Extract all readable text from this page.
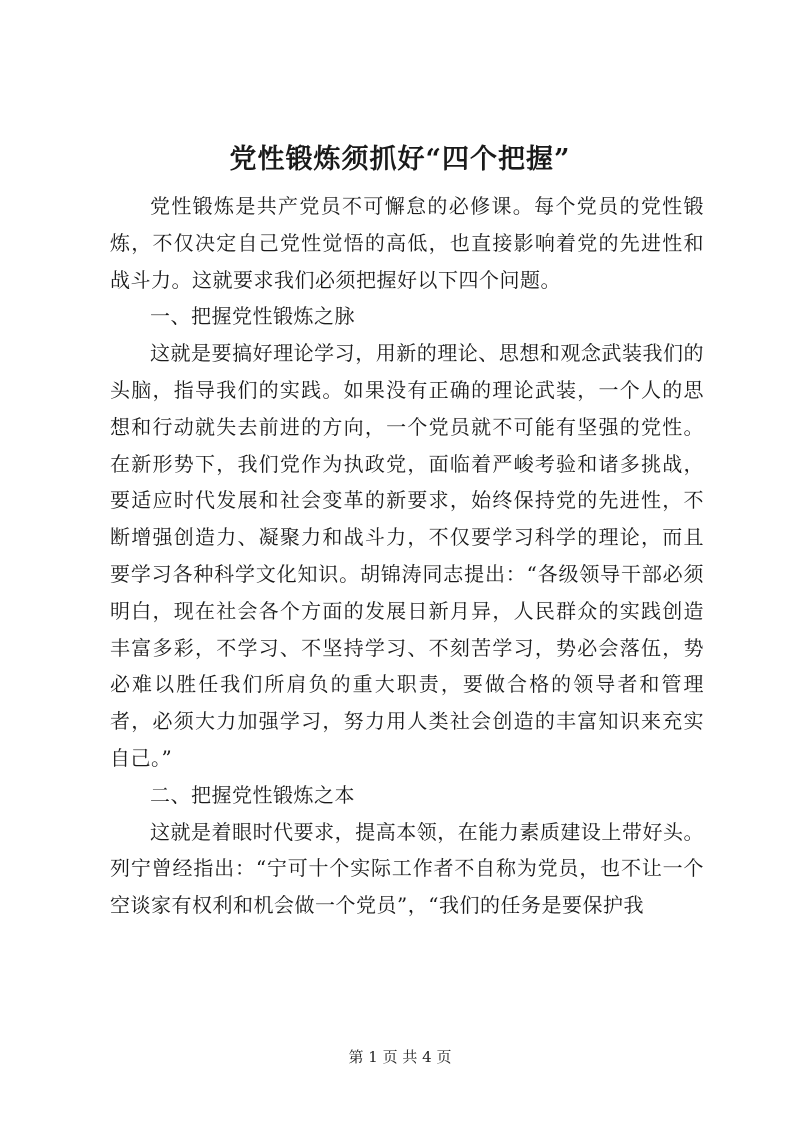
党性锻炼须抓好“四个把握”

党性锻炼是共产党员不可懈怠的必修课。每个党员的党性锻炼，不仅决定自己党性觉悟的高低，也直接影响着党的先进性和战斗力。这就要求我们必须把握好以下四个问题。

一、把握党性锻炼之脉

这就是要搞好理论学习，用新的理论、思想和观念武装我们的头脑，指导我们的实践。如果没有正确的理论武装，一个人的思想和行动就失去前进的方向，一个党员就不可能有坚强的党性。在新形势下，我们党作为执政党，面临着严峻考验和诸多挑战，要适应时代发展和社会变革的新要求，始终保持党的先进性，不断增强创造力、凝聚力和战斗力，不仅要学习科学的理论，而且要学习各种科学文化知识。胡锦涛同志提出：“各级领导干部必须明白，现在社会各个方面的发展日新月异，人民群众的实践创造丰富多彩，不学习、不坚持学习、不刻苦学习，势必会落伍，势必难以胜任我们所肩负的重大职责，要做合格的领导者和管理者，必须大力加强学习，努力用人类社会创造的丰富知识来充实自己。”

二、把握党性锻炼之本

这就是着眼时代要求，提高本领，在能力素质建设上带好头。列宁曾经指出：“宁可十个实际工作者不自称为党员，也不让一个空谈家有权利和机会做一个党员”，“我们的任务是要保护我

第 1 页 共 4 页
